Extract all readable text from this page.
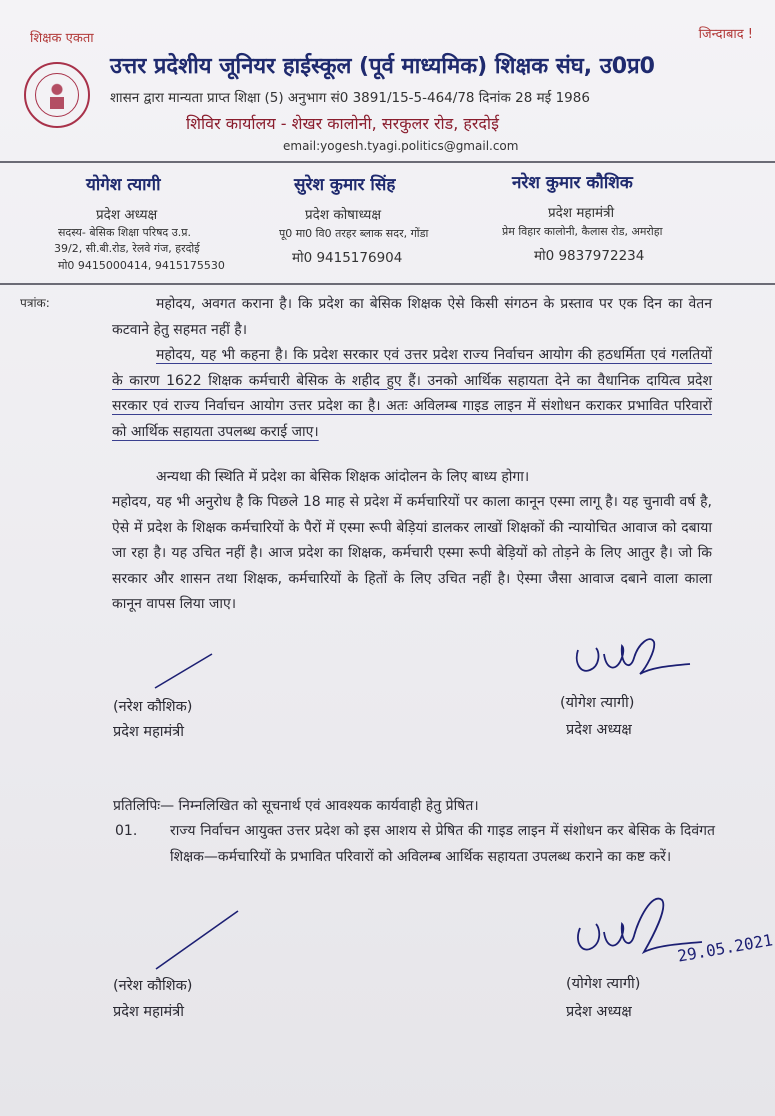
शिक्षक एकता	जिन्दाबाद !
उत्तर प्रदेशीय जूनियर हाईस्कूल (पूर्व माध्यमिक) शिक्षक संघ, उ0प्र0
शासन द्वारा मान्यता प्राप्त शिक्षा (5) अनुभाग सं0 3891/15-5-464/78 दिनांक 28 मई 1986
शिविर कार्यालय - शेखर कालोनी, सरकुलर रोड, हरदोई
email:yogesh.tyagi.politics@gmail.com
योगेश त्यागी
प्रदेश अध्यक्ष
सदस्य- बेसिक शिक्षा परिषद उ.प्र.
39/2, सी.बी.रोड, रेलवे गंज, हरदोई
मो0 9415000414, 9415175530
सुरेश कुमार सिंह
प्रदेश कोषाध्यक्ष
पू0 मा0 वि0 तरहर ब्लाक सदर, गोंडा
मो0 9415176904
नरेश कुमार कौशिक
प्रदेश महामंत्री
प्रेम विहार कालोनी, कैलास रोड, अमरोहा
मो0 9837972234
पत्रांक:	महोदय, अवगत कराना है। कि प्रदेश का बेसिक शिक्षक ऐसे किसी संगठन के प्रस्ताव पर एक दिन का वेतन कटवाने हेतु सहमत नहीं है।
महोदय, यह भी कहना है। कि प्रदेश सरकार एवं उत्तर प्रदेश राज्य निर्वाचन आयोग की हठधर्मिता एवं गलतियों के कारण 1622 शिक्षक कर्मचारी बेसिक के शहीद हुए हैं। उनको आर्थिक सहायता देने का वैधानिक दायित्व प्रदेश सरकार एवं राज्य निर्वाचन आयोग उत्तर प्रदेश का है। अतः अविलम्ब गाइड लाइन में संशोधन कराकर प्रभावित परिवारों को आर्थिक सहायता उपलब्ध कराई जाए।
अन्यथा की स्थिति में प्रदेश का बेसिक शिक्षक आंदोलन के लिए बाध्य होगा।
महोदय, यह भी अनुरोध है कि पिछले 18 माह से प्रदेश में कर्मचारियों पर काला कानून एस्मा लागू है। यह चुनावी वर्ष है, ऐसे में प्रदेश के शिक्षक कर्मचारियों के पैरों में एस्मा रूपी बेड़ियां डालकर लाखों शिक्षकों की न्यायोचित आवाज को दबाया जा रहा है। यह उचित नहीं है। आज प्रदेश का शिक्षक, कर्मचारी एस्मा रूपी बेड़ियों को तोड़ने के लिए आतुर है। जो कि सरकार और शासन तथा शिक्षक, कर्मचारियों के हितों के लिए उचित नहीं है। ऐस्मा जैसा आवाज दबाने वाला काला कानून वापस लिया जाए।
(नरेश कौशिक)
प्रदेश महामंत्री
(योगेश त्यागी)
प्रदेश अध्यक्ष
प्रतिलिपिः— निम्नलिखित को सूचनार्थ एवं आवश्यक कार्यवाही हेतु प्रेषित।
01. राज्य निर्वाचन आयुक्त उत्तर प्रदेश को इस आशय से प्रेषित की गाइड लाइन में संशोधन कर बेसिक के दिवंगत शिक्षक—कर्मचारियों के प्रभावित परिवारों को अविलम्ब आर्थिक सहायता उपलब्ध कराने का कष्ट करें।
29.05.2021
(नरेश कौशिक)
प्रदेश महामंत्री
(योगेश त्यागी)
प्रदेश अध्यक्ष
